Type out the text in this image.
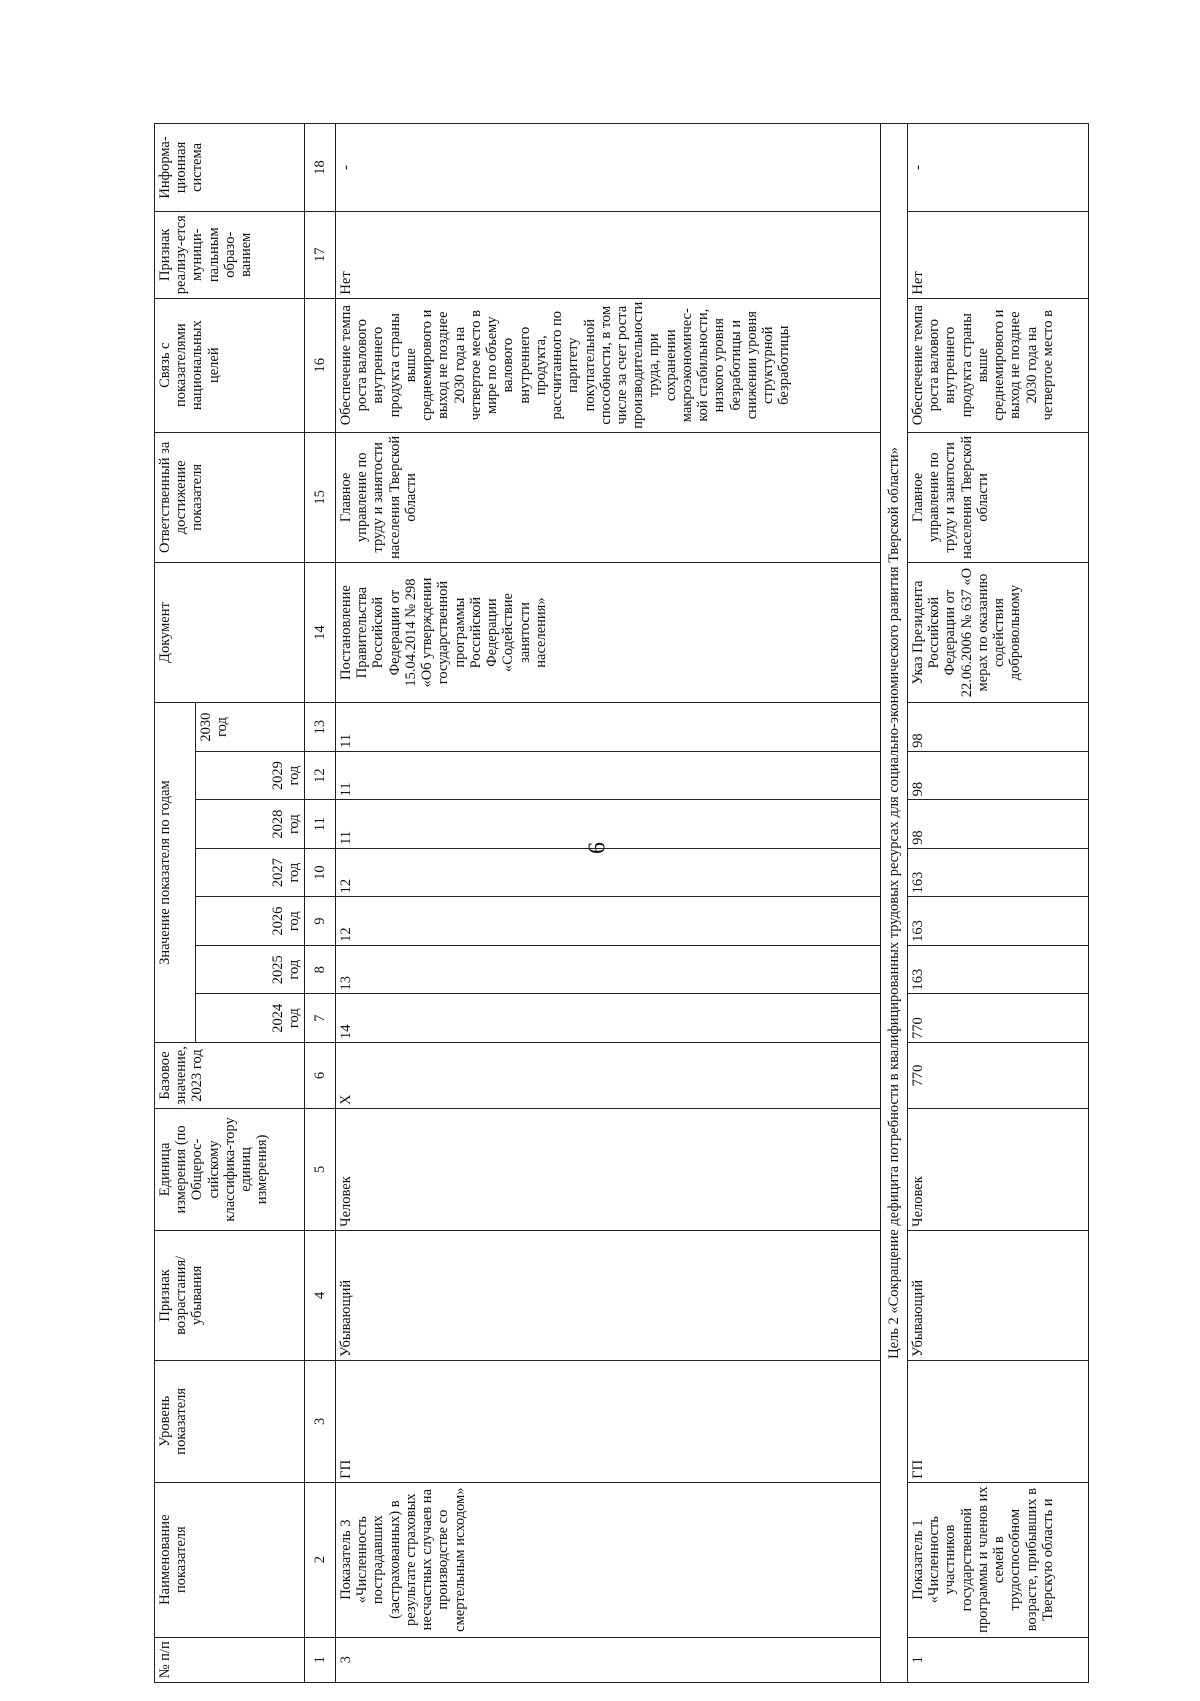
6
№ п/п	Наименование показателя	Уровень показателя	Признак возрастания/ убывания	Единица измерения (по Общерос-сийскому классифика-тору единиц измерения)	Базовое значение, 2023 год	Значение показателя по годам							Документ	Ответственный за достижение показателя	Связь с показателями национальных целей	Признак реализу-ется муници-пальным образо-ванием	Информа-ционная система
						2024 год	2025 год	2026 год	2027 год	2028 год	2029 год	2030 год					
1	2	3	4	5	6	7	8	9	10	11	12	13	14	15	16	17	18
3	Показатель 3 «Численность пострадавших (застрахованных) в результате страховых несчастных случаев на производстве со смертельным исходом»	ГП	Убывающий	Человек	X	14	13	12	12	11	11	11	Постановление Правительства Российской Федерации от 15.04.2014 № 298 «Об утверждении государственной программы Российской Федерации «Содействие занятости населения»	Главное управление по труду и занятости населения Тверской области	Обеспечение темпа роста валового внутреннего продукта страны выше среднемирового и выход не позднее 2030 года на четвертое место в мире по объему валового внутреннего продукта, рассчитанного по паритету покупательной способности, в том числе за счет роста производительности труда, при сохранении макроэкономичес-кой стабильности, низкого уровня безработицы и снижении уровня структурной безработицы	Нет	-
Цель 2 «Сокращение дефицита потребности в квалифицированных трудовых ресурсах для социально-экономического развития Тверской области»																	
1	Показатель 1 «Численность участников государственной программы и членов их семей в трудоспособном возрасте, прибывших в Тверскую область и	ГП	Убывающий	Человек	770	770	163	163	163	98	98	98	Указ Президента Российской Федерации от 22.06.2006 № 637 «О мерах по оказанию содействия добровольному	Главное управление по труду и занятости населения Тверской области	Обеспечение темпа роста валового внутреннего продукта страны выше среднемирового и выход не позднее 2030 года на четвертое место в	Нет	-
